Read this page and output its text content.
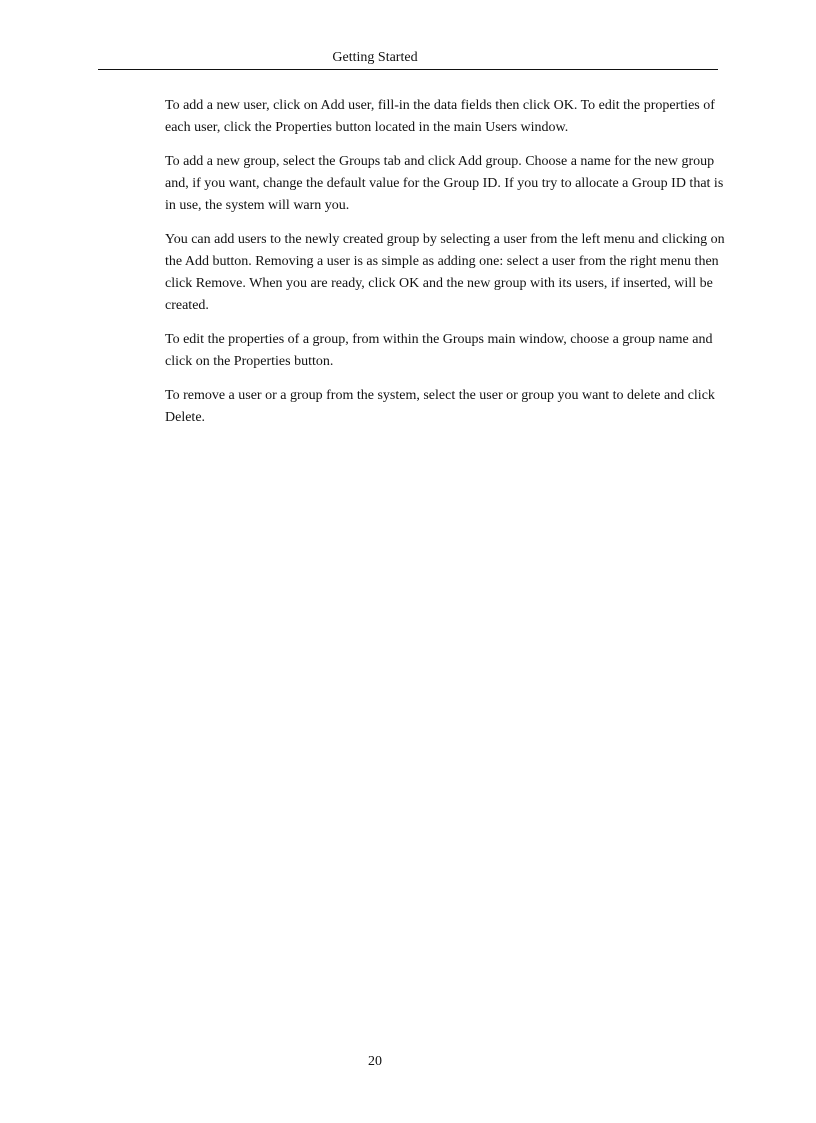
Getting Started

To add a new user, click on Add user, fill-in the data fields then click OK. To edit the properties of each user, click the Properties button located in the main Users window.

To add a new group, select the Groups tab and click Add group. Choose a name for the new group and, if you want, change the default value for the Group ID. If you try to allocate a Group ID that is in use, the system will warn you.

You can add users to the newly created group by selecting a user from the left menu and clicking on the Add button. Removing a user is as simple as adding one: select a user from the right menu then click Remove. When you are ready, click OK and the new group with its users, if inserted, will be created.

To edit the properties of a group, from within the Groups main window, choose a group name and click on the Properties button.

To remove a user or a group from the system, select the user or group you want to delete and click Delete.

20
